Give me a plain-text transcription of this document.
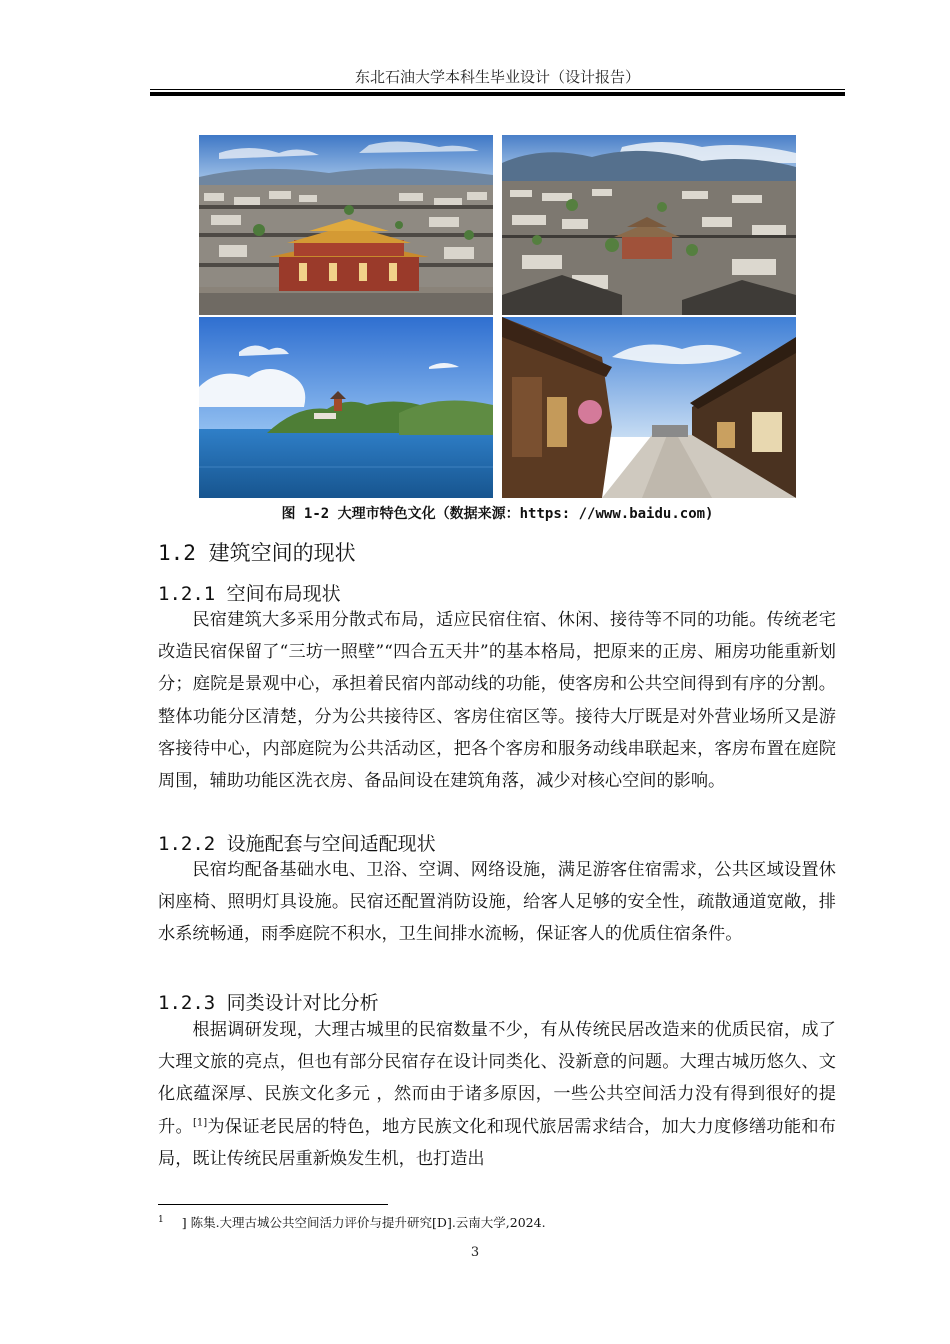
东北石油大学本科生毕业设计（设计报告）
图 1-2 大理市特色文化（数据来源：https: //www.baidu.com)
1.2 建筑空间的现状
1.2.1 空间布局现状

民宿建筑大多采用分散式布局，适应民宿住宿、休闲、接待等不同的功能。传统老宅改造民宿保留了“三坊一照壁”“四合五天井”的基本格局，把原来的正房、厢房功能重新划分；庭院是景观中心，承担着民宿内部动线的功能，使客房和公共空间得到有序的分割。整体功能分区清楚，分为公共接待区、客房住宿区等。接待大厅既是对外营业场所又是游客接待中心，内部庭院为公共活动区，把各个客房和服务动线串联起来，客房布置在庭院周围，辅助功能区洗衣房、备品间设在建筑角落，减少对核心空间的影响。

1.2.2 设施配套与空间适配现状

民宿均配备基础水电、卫浴、空调、网络设施，满足游客住宿需求，公共区域设置休闲座椅、照明灯具设施。民宿还配置消防设施，给客人足够的安全性，疏散通道宽敞，排水系统畅通，雨季庭院不积水，卫生间排水流畅，保证客人的优质住宿条件。

1.2.3 同类设计对比分析

根据调研发现，大理古城里的民宿数量不少，有从传统民居改造来的优质民宿，成了大理文旅的亮点，但也有部分民宿存在设计同类化、没新意的问题。大理古城历悠久、文化底蕴深厚、民族文化多元 ，然而由于诸多原因，一些公共空间活力没有得到很好的提升。[1]为保证老民居的特色，地方民族文化和现代旅居需求结合，加大力度修缮功能和布局，既让传统民居重新焕发生机，也打造出

$^1$ ] 陈集.大理古城公共空间活力评价与提升研究[D].云南大学,2024.
3
